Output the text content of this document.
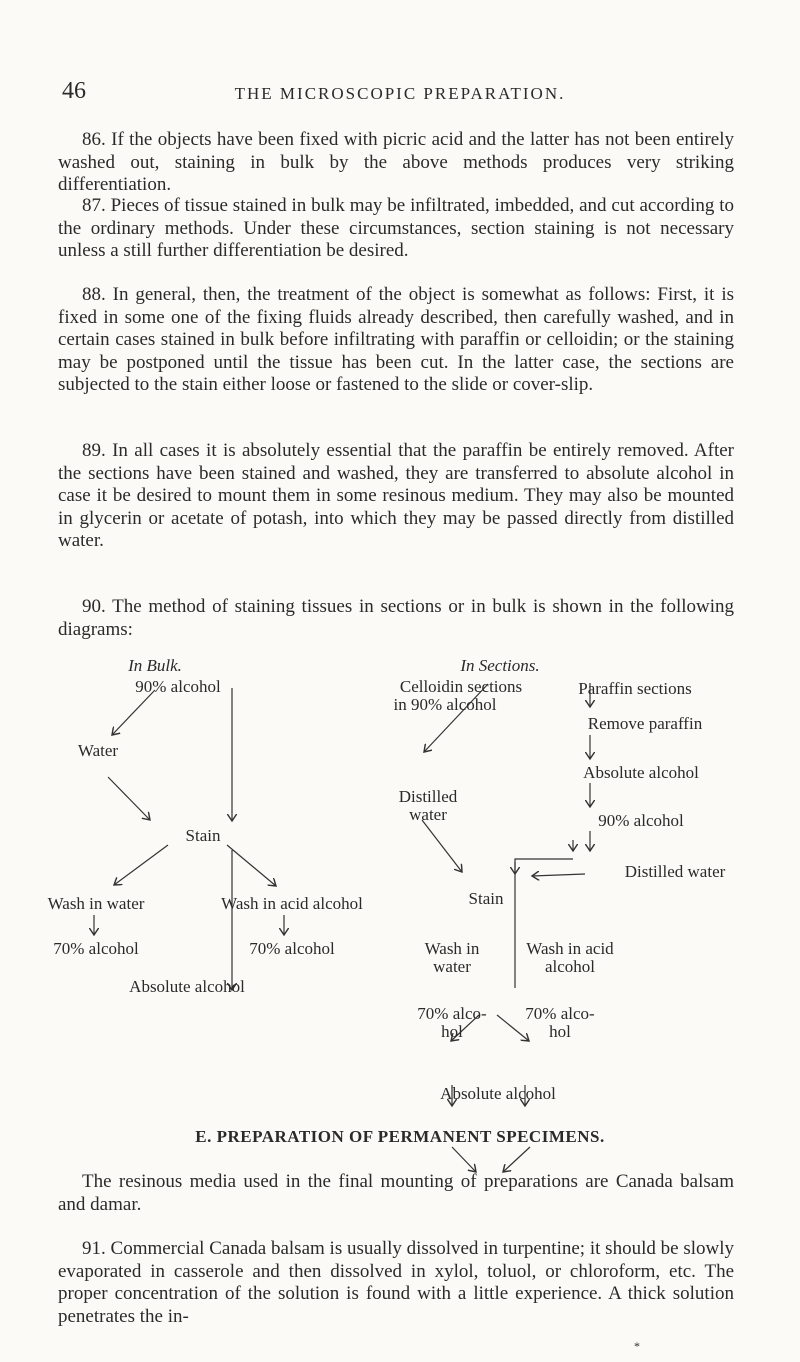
46	THE MICROSCOPIC PREPARATION.

86. If the objects have been fixed with picric acid and the latter has not been entirely washed out, staining in bulk by the above methods produces very striking differentiation.

87. Pieces of tissue stained in bulk may be infiltrated, imbedded, and cut according to the ordinary methods. Under these circumstances, section staining is not necessary unless a still further differentiation be desired.

88. In general, then, the treatment of the object is somewhat as follows: First, it is fixed in some one of the fixing fluids already described, then carefully washed, and in certain cases stained in bulk before infiltrating with paraffin or celloidin; or the staining may be postponed until the tissue has been cut. In the latter case, the sections are subjected to the stain either loose or fastened to the slide or cover-slip.

89. In all cases it is absolutely essential that the paraffin be entirely removed. After the sections have been stained and washed, they are transferred to absolute alcohol in case it be desired to mount them in some resinous medium. They may also be mounted in glycerin or acetate of potash, into which they may be passed directly from distilled water.

90. The method of staining tissues in sections or in bulk is shown in the following diagrams:

In Bulk.
90% alcohol
Water
Stain
Wash in water	Wash in acid alcohol
70% alcohol	70% alcohol
Absolute alcohol
In Sections.
Celloidin sections
in 90% alcohol
Paraffin sections
Remove paraffin
Absolute alcohol
Distilled
water	90% alcohol
Distilled water
Stain
Wash in
water
Wash in acid
alcohol
70% alco-
hol
70% alco-
hol
Absolute alcohol
E. PREPARATION OF PERMANENT SPECIMENS.

The resinous media used in the final mounting of preparations are Canada balsam and damar.

91. Commercial Canada balsam is usually dissolved in turpentine; it should be slowly evaporated in casserole and then dissolved in xylol, toluol, or chloroform, etc. The proper concentration of the solution is found with a little experience. A thick solution penetrates the in-

*
